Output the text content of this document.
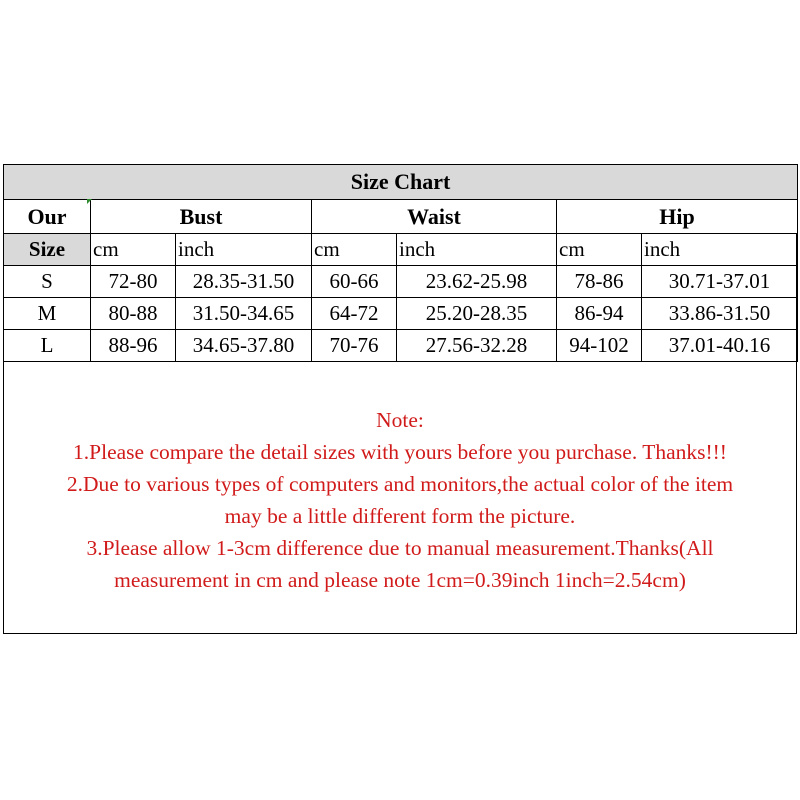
Size Chart						
Our	Bust		Waist		Hip	
Size	cm	inch	cm	inch	cm	inch
S	72-80	28.35-31.50	60-66	23.62-25.98	78-86	30.71-37.01
M	80-88	31.50-34.65	64-72	25.20-28.35	86-94	33.86-31.50
L	88-96	34.65-37.80	70-76	27.56-32.28	94-102	37.01-40.16
Note:
1.Please compare the detail sizes with yours before you purchase. Thanks!!!
2.Due to various types of computers and monitors,the actual color of the item
may be a little different form the picture.
3.Please allow 1-3cm difference due to manual measurement.Thanks(All
measurement in cm and please note 1cm=0.39inch 1inch=2.54cm)
